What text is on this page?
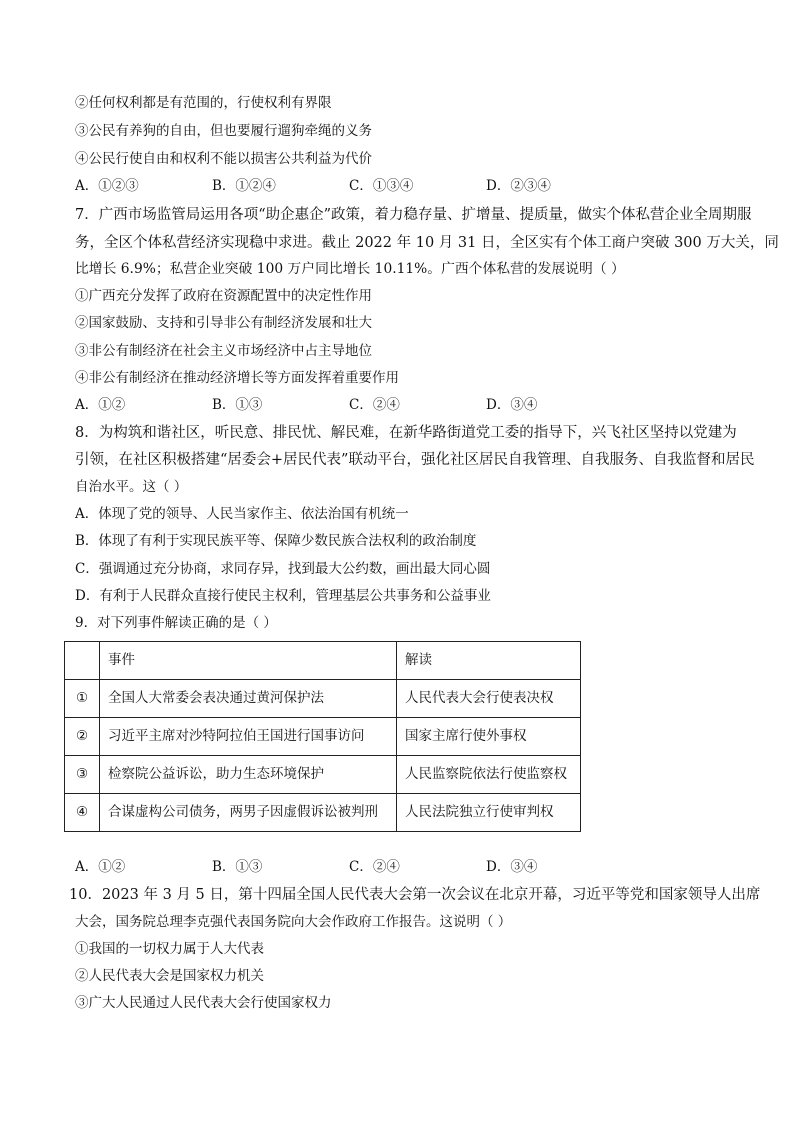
②任何权利都是有范围的，行使权利有界限
③公民有养狗的自由，但也要履行遛狗牵绳的义务
④公民行使自由和权利不能以损害公共利益为代价
A．①②③	B．①②④	C．①③④	D．②③④
7．广西市场监管局运用各项“助企惠企”政策，着力稳存量、扩增量、提质量，做实个体私营企业全周期服
务，全区个体私营经济实现稳中求进。截止 2022 年 10 月 31 日，全区实有个体工商户突破 300 万大关，同
比增长 6.9%；私营企业突破 100 万户同比增长 10.11%。广西个体私营的发展说明（ ）
①广西充分发挥了政府在资源配置中的决定性作用
②国家鼓励、支持和引导非公有制经济发展和壮大
③非公有制经济在社会主义市场经济中占主导地位
④非公有制经济在推动经济增长等方面发挥着重要作用
A．①②	B．①③	C．②④	D．③④
8．为构筑和谐社区，听民意、排民忧、解民难，在新华路街道党工委的指导下，兴飞社区坚持以党建为
引领，在社区积极搭建“居委会+居民代表”联动平台，强化社区居民自我管理、自我服务、自我监督和居民
自治水平。这（ ）
A．体现了党的领导、人民当家作主、依法治国有机统一
B．体现了有利于实现民族平等、保障少数民族合法权利的政治制度
C．强调通过充分协商，求同存异，找到最大公约数，画出最大同心圆
D．有利于人民群众直接行使民主权利，管理基层公共事务和公益事业
9．对下列事件解读正确的是（ ）
	事件	解读
①	全国人大常委会表决通过黄河保护法	人民代表大会行使表决权
②	习近平主席对沙特阿拉伯王国进行国事访问	国家主席行使外事权
③	检察院公益诉讼，助力生态环境保护	人民监察院依法行使监察权
④	合谋虚构公司债务，两男子因虚假诉讼被判刑	人民法院独立行使审判权
A．①②	B．①③	C．②④	D．③④
10．2023 年 3 月 5 日，第十四届全国人民代表大会第一次会议在北京开幕，习近平等党和国家领导人出席
大会，国务院总理李克强代表国务院向大会作政府工作报告。这说明（ ）
①我国的一切权力属于人大代表
②人民代表大会是国家权力机关
③广大人民通过人民代表大会行使国家权力
